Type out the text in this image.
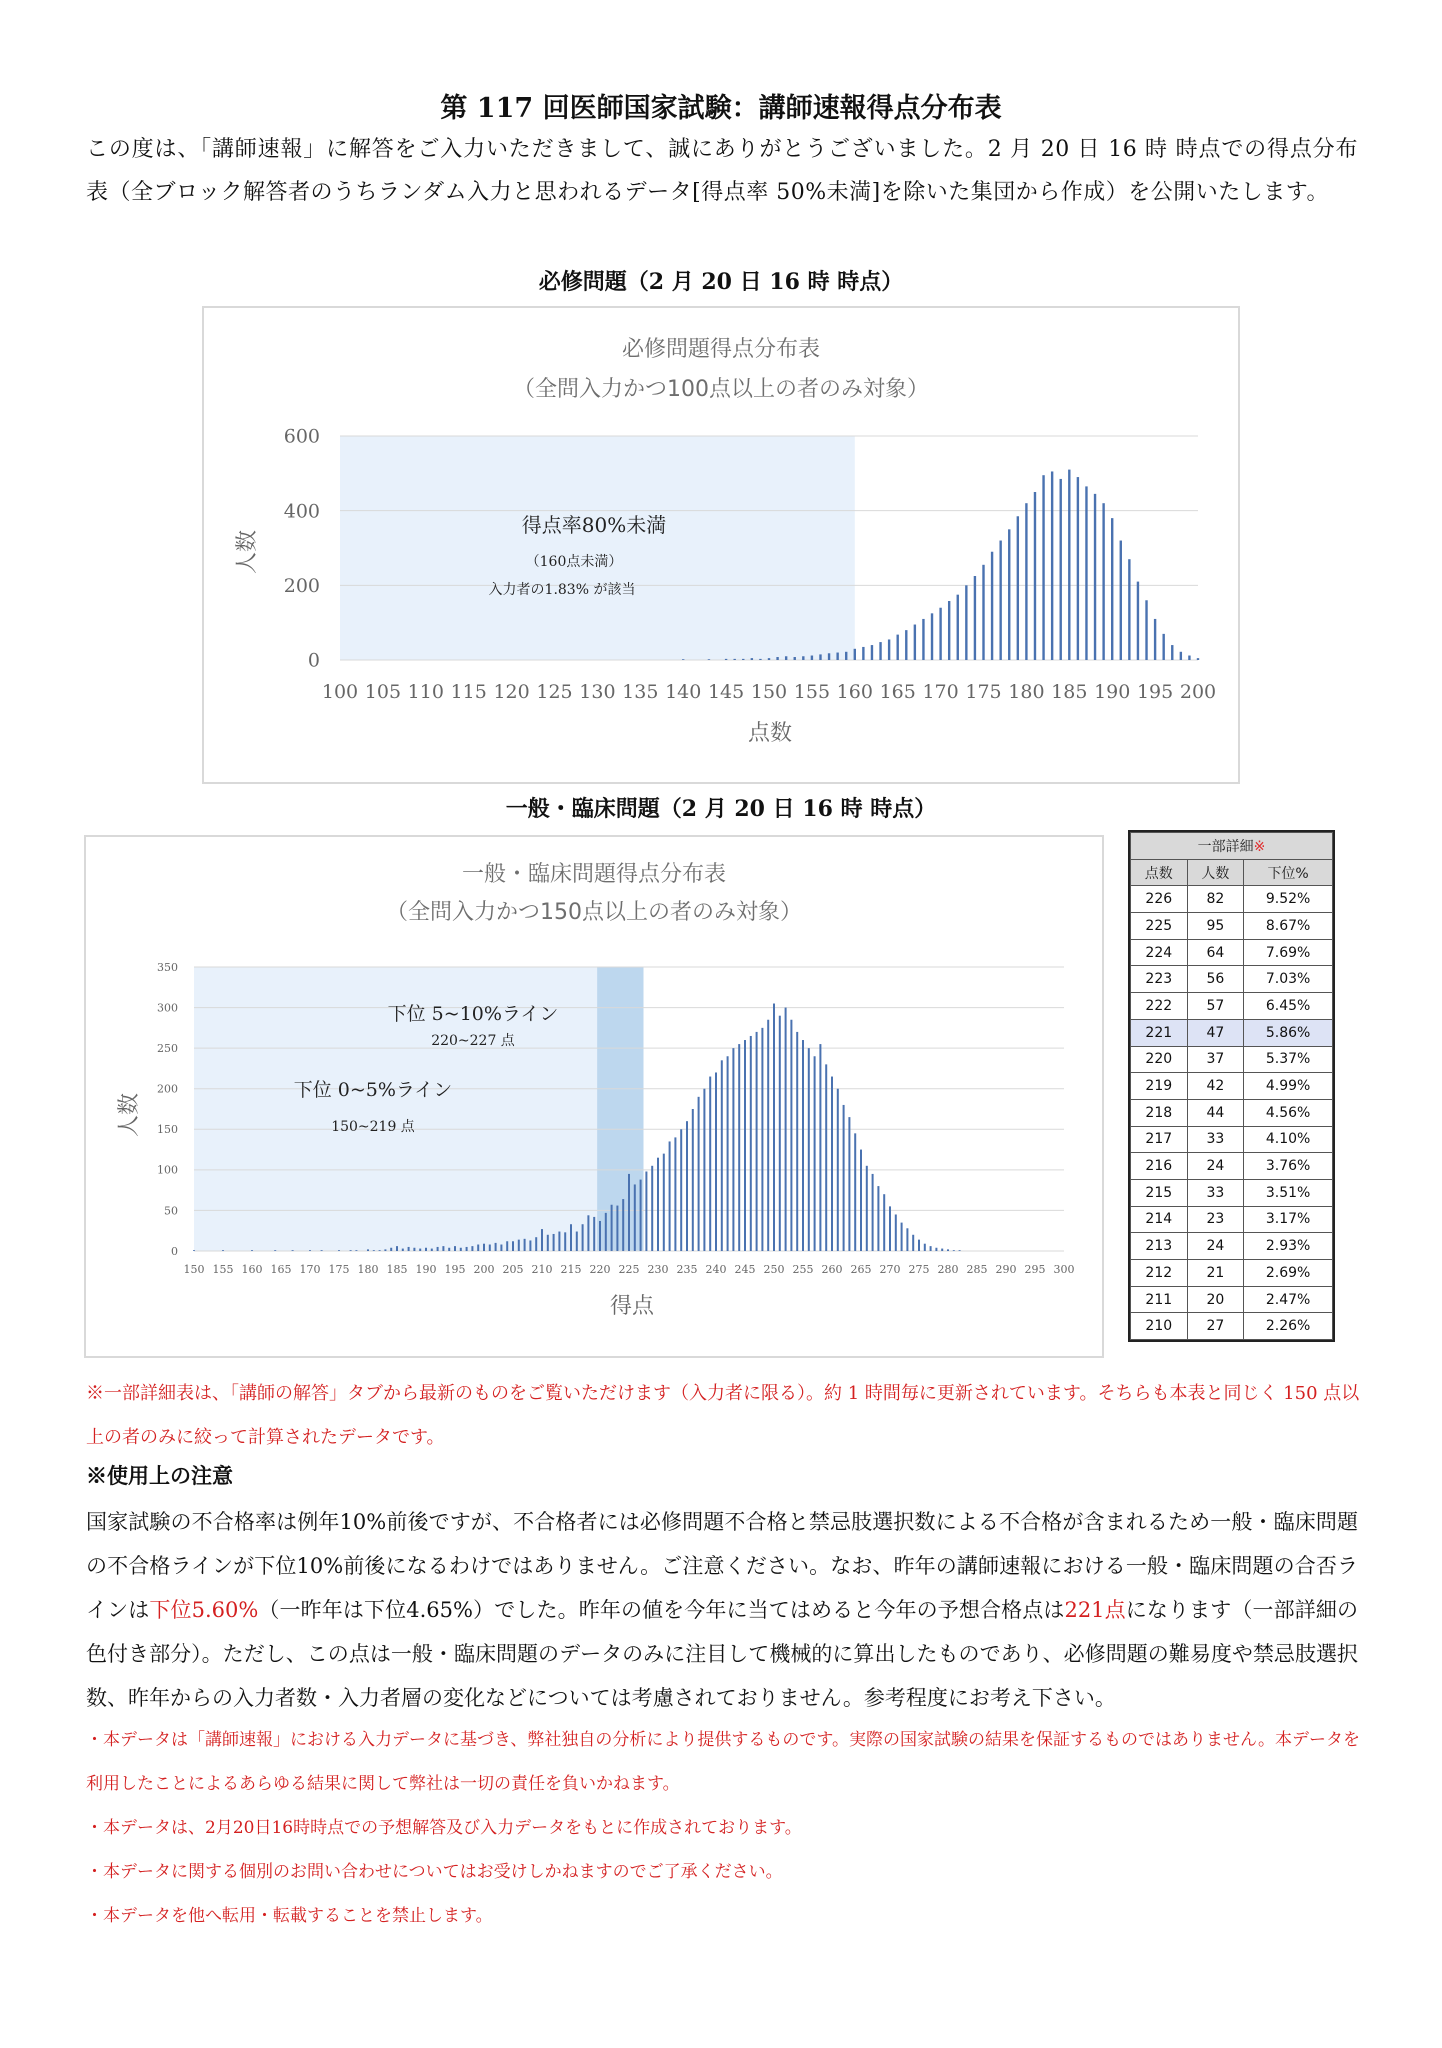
第 117 回医師国家試験：講師速報得点分布表

この度は、「講師速報」に解答をご入力いただきまして、誠にありがとうございました。2 月 20 日 16 時 時点での得点分布表（全ブロック解答者のうちランダム入力と思われるデータ[得点率 50%未満]を除いた集団から作成）を公開いたします。

必修問題（2 月 20 日 16 時 時点）
0
200
400
600
100 105 110 115 120 125 130 135 140 145 150 155 160 165 170 175 180 185 190 195 200
必修問題得点分布表
（全問入力かつ100点以上の者のみ対象）
人数
点数
得点率80%未満
（160点未満）
入力者の1.83% が該当
一般・臨床問題（2 月 20 日 16 時 時点）
0
50
100
150
200
250
300
350
150 155 160 165 170 175 180 185 190 195 200 205 210 215 220 225 230 235 240 245 250 255 260 265 270 275 280 285 290 295 300
一般・臨床問題得点分布表
（全問入力かつ150点以上の者のみ対象）
人数
得点
下位 5~10%ライン
220~227 点
下位 0~5%ライン
150~219 点
一部詳細※		
点数	人数	下位%
226	82	9.52%
225	95	8.67%
224	64	7.69%
223	56	7.03%
222	57	6.45%
221	47	5.86%
220	37	5.37%
219	42	4.99%
218	44	4.56%
217	33	4.10%
216	24	3.76%
215	33	3.51%
214	23	3.17%
213	24	2.93%
212	21	2.69%
211	20	2.47%
210	27	2.26%

※一部詳細表は、「講師の解答」タブから最新のものをご覧いただけます（入力者に限る）。約 1 時間毎に更新されています。そちらも本表と同じく 150 点以上の者のみに絞って計算されたデータです。

※使用上の注意

国家試験の不合格率は例年10%前後ですが、不合格者には必修問題不合格と禁忌肢選択数による不合格が含まれるため一般・臨床問題の不合格ラインが下位10%前後になるわけではありません。ご注意ください。なお、昨年の講師速報における一般・臨床問題の合否ラインは下位5.60%（一昨年は下位4.65%）でした。昨年の値を今年に当てはめると今年の予想合格点は221点になります（一部詳細の色付き部分）。ただし、この点は一般・臨床問題のデータのみに注目して機械的に算出したものであり、必修問題の難易度や禁忌肢選択数、昨年からの入力者数・入力者層の変化などについては考慮されておりません。参考程度にお考え下さい。

・本データは「講師速報」における入力データに基づき、弊社独自の分析により提供するものです。実際の国家試験の結果を保証するものではありません。本データを利用したことによるあらゆる結果に関して弊社は一切の責任を負いかねます。
・本データは、2月20日16時時点での予想解答及び入力データをもとに作成されております。
・本データに関する個別のお問い合わせについてはお受けしかねますのでご了承ください。
・本データを他へ転用・転載することを禁止します。
